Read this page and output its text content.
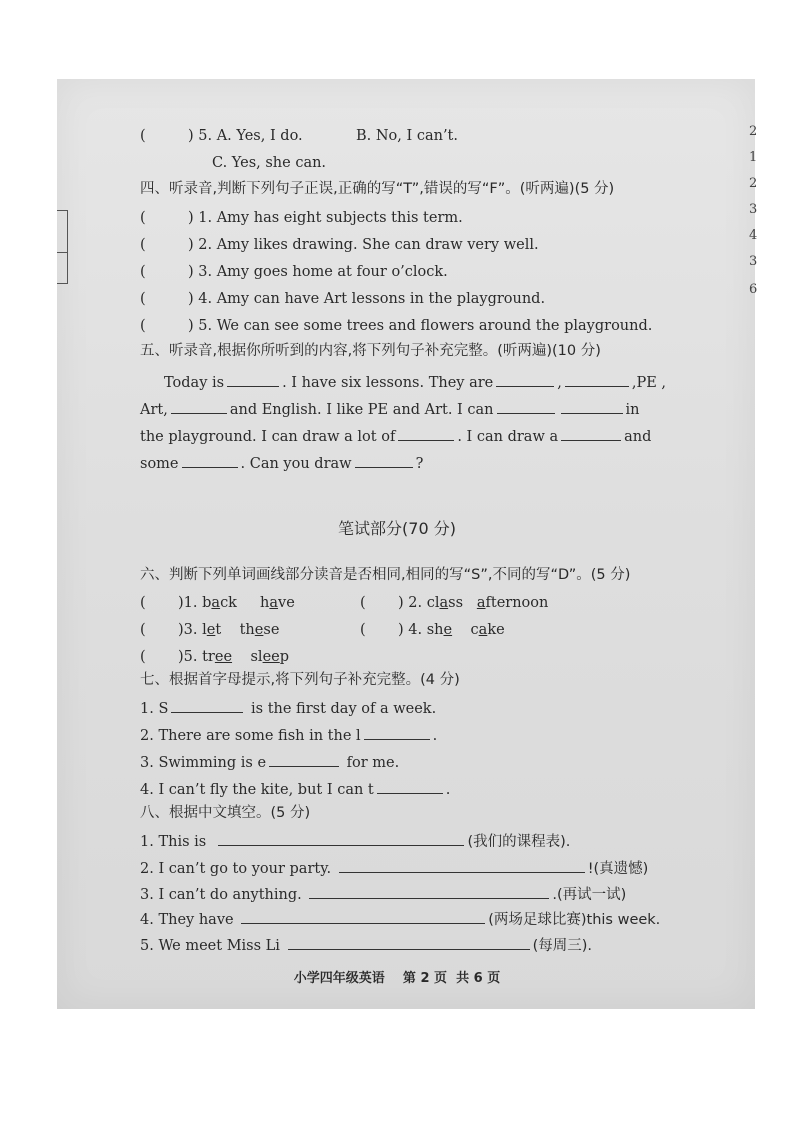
(	) 5. A. Yes, I do.	B. No, I can’t.
C. Yes, she can.
四、听录音,判断下列句子正误,正确的写“T”,错误的写“F”。(听两遍)(5 分)
(	) 1. Amy has eight subjects this term.
(	) 2. Amy likes drawing. She can draw very well.
(	) 3. Amy goes home at four o’clock.
(	) 4. Amy can have Art lessons in the playground.
(	) 5. We can see some trees and flowers around the playground.
五、听录音,根据你所听到的内容,将下列句子补充完整。(听两遍)(10 分)
Today is	. I have six lessons. They are	,	,PE ,
Art,	and English. I like PE and Art. I can	in
the playground. I can draw a lot of	. I can draw a	and
some	. Can you draw	?
笔试部分(70 分)
六、判断下列单词画线部分读音是否相同,相同的写“S”,不同的写“D”。(5 分)
( )1. back have	( ) 2. class afternoon
( )3. let these	( ) 4. she cake
( )5. tree sleep
七、根据首字母提示,将下列句子补充完整。(4 分)
1. S	is the first day of a week.
2. There are some fish in the l	.
3. Swimming is e	for me.
4. I can’t fly the kite, but I can t	.
八、根据中文填空。(5 分)
1. This is	(我们的课程表).
2. I can’t go to your party.	!(真遗憾)
3. I can’t do anything.	.(再试一试)
4. They have	(两场足球比赛)this week.
5. We meet Miss Li	(每周三).
小学四年级英语 第 2 页 共 6 页
2
1
2
3
4
3
6
